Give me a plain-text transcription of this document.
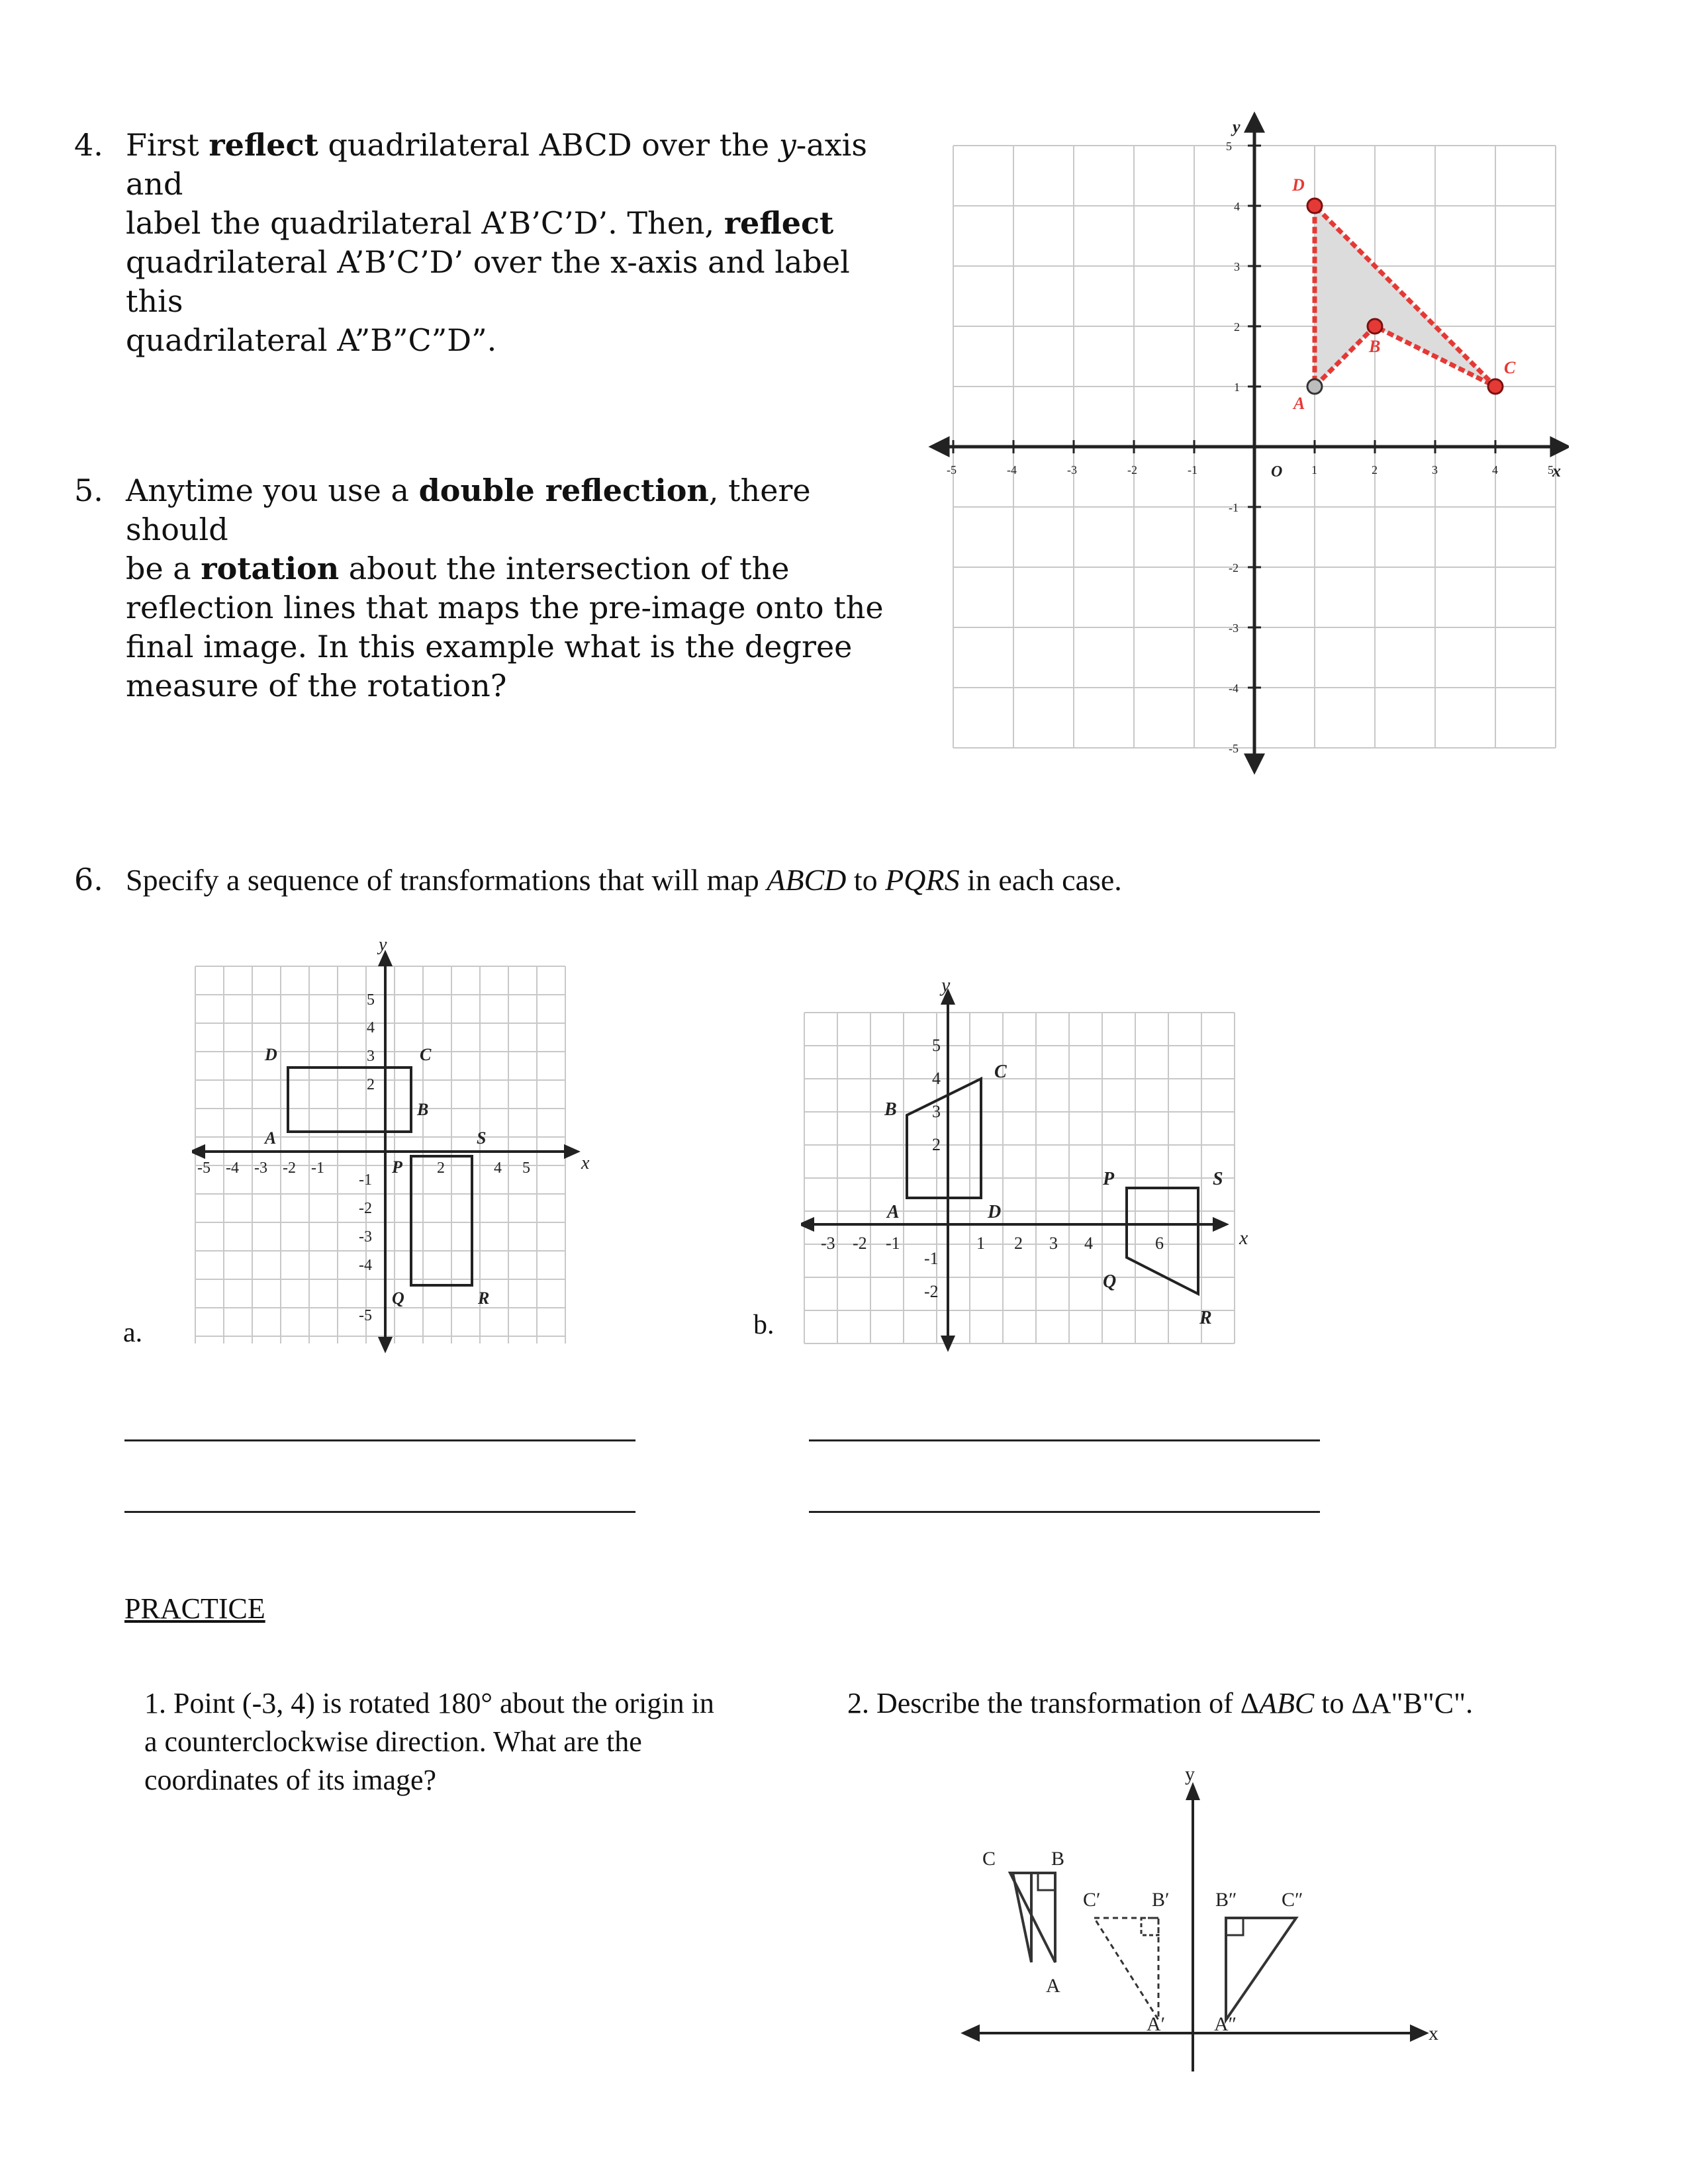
4. First reflect quadrilateral ABCD over the y-axis and
label the quadrilateral A’B’C’D’. Then, reflect
quadrilateral A’B’C’D’ over the x-axis and label this
quadrilateral A”B”C”D”.
5. Anytime you use a double reflection, there should
be a rotation about the intersection of the
reflection lines that maps the pre-image onto the
final image. In this example what is the degree
measure of the rotation?
-5	-4	-3	-2	-1	1	2	3	4	5
5
4
3
2
1
-1
-2
-3
-4
-5
y
x
O
A
B
C
D
6. Specify a sequence of transformations that will map ABCD to PQRS in each case.
-5 -4 -3 -2 -1	2	4 5
5
4
3
2
-1
-2
-3
-4
-5
D	C
B
A	S
P
Q	R
y
x
a.
-3 -2 -1	1 2 3 4	6
5
4
3
2
-1
-2
B
C
A	D
P	S
Q
R
y
x
b.
PRACTICE
1. Point (-3, 4) is rotated 180° about the origin in
a counterclockwise direction. What are the
coordinates of its image?
2. Describe the transformation of ΔABC to ΔA"B"C".
C	B
A
C′	B′
A′
B″ C″
A″
y
x
